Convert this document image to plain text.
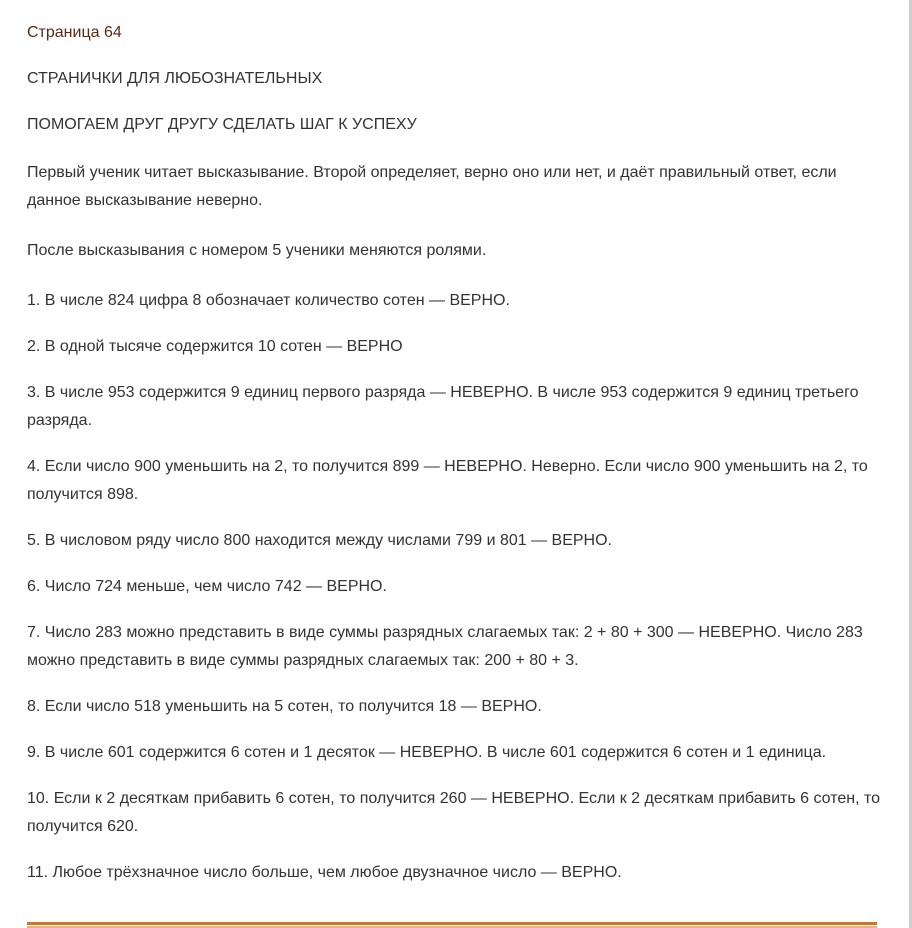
Страница 64
СТРАНИЧКИ ДЛЯ ЛЮБОЗНАТЕЛЬНЫХ
ПОМОГАЕМ ДРУГ ДРУГУ СДЕЛАТЬ ШАГ К УСПЕХУ

Первый ученик читает высказывание. Второй определяет, верно оно или нет, и даёт правильный ответ, если данное высказывание неверно.

После высказывания с номером 5 ученики меняются ролями.

1. В числе 824 цифра 8 обозначает количество сотен — ВЕРНО.

2. В одной тысяче содержится 10 сотен — ВЕРНО

3. В числе 953 содержится 9 единиц первого разряда — НЕВЕРНО. В числе 953 содержится 9 единиц третьего разряда.

4. Если число 900 уменьшить на 2, то получится 899 — НЕВЕРНО. Неверно. Если число 900 уменьшить на 2, то получится 898.

5. В числовом ряду число 800 находится между числами 799 и 801 — ВЕРНО.

6. Число 724 меньше, чем число 742 — ВЕРНО.

7. Число 283 можно представить в виде суммы разрядных слагаемых так: 2 + 80 + 300 — НЕВЕРНО. Число 283 можно представить в виде суммы разрядных слагаемых так: 200 + 80 + 3.

8. Если число 518 уменьшить на 5 сотен, то получится 18 — ВЕРНО.

9. В числе 601 содержится 6 сотен и 1 десяток — НЕВЕРНО. В числе 601 содержится 6 сотен и 1 единица.

10. Если к 2 десяткам прибавить 6 сотен, то получится 260 — НЕВЕРНО. Если к 2 десяткам прибавить 6 сотен, то получится 620.

11. Любое трёхзначное число больше, чем любое двузначное число — ВЕРНО.
